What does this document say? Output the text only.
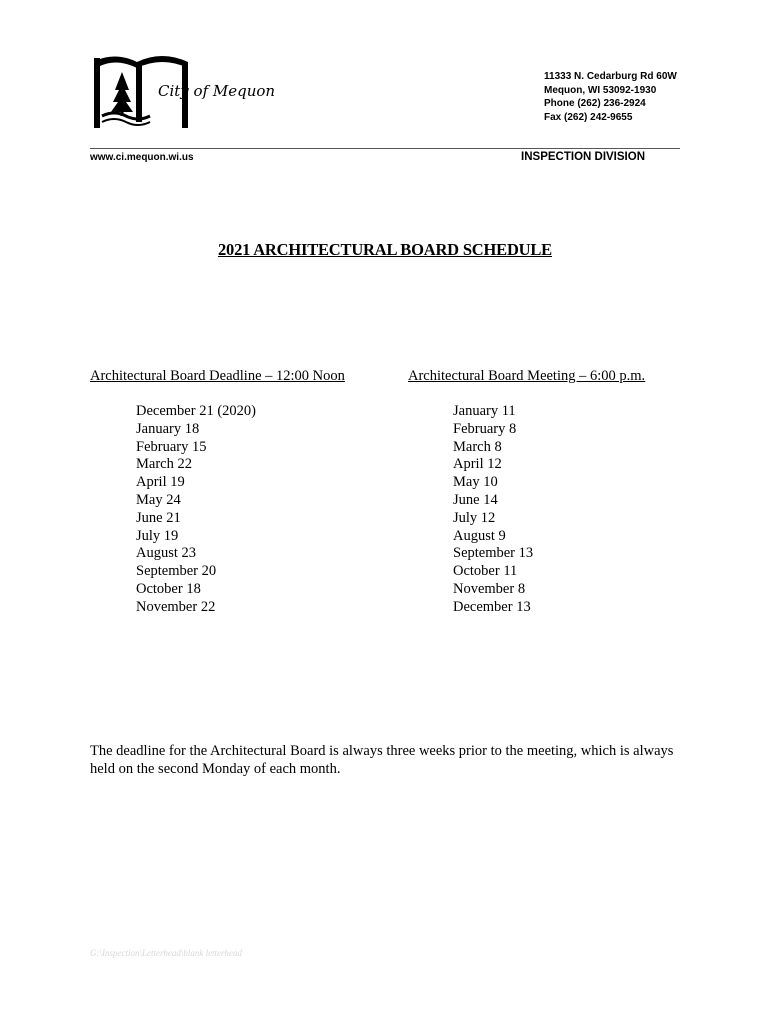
City of Mequon
11333 N. Cedarburg Rd 60W
Mequon, WI 53092-1930
Phone (262) 236-2924
Fax (262) 242-9655
www.ci.mequon.wi.us	INSPECTION DIVISION
2021 ARCHITECTURAL BOARD SCHEDULE
Architectural Board Deadline – 12:00 Noon	Architectural Board Meeting – 6:00 p.m.
December 21 (2020)
January 18
February 15
March 22
April 19
May 24
June 21
July 19
August 23
September 20
October 18
November 22
January 11
February 8
March 8
April 12
May 10
June 14
July 12
August 9
September 13
October 11
November 8
December 13
The deadline for the Architectural Board is always three weeks prior to the meeting, which is always held on the second Monday of each month.
G:\Inspection\Letterhead\blank letterhead
